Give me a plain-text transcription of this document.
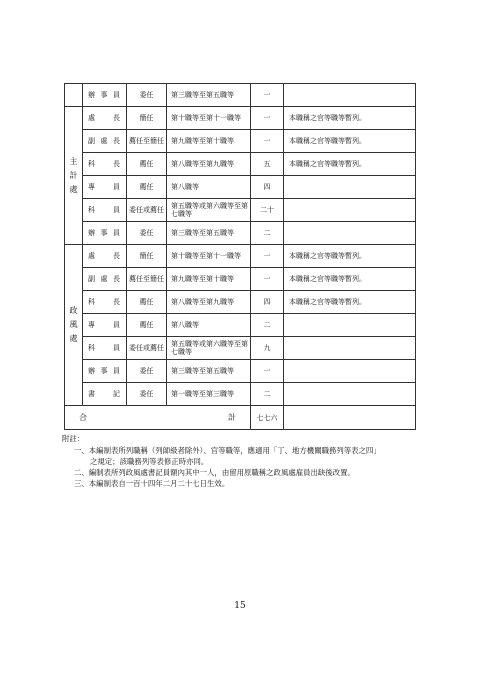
	辦事員	委任	第三職等至第五職等	一	

主
計
處	處長	簡任	第十職等至第十一職等	一	本職稱之官等職等暫列。
	副處長	薦任至簡任	第九職等至第十職等	一	本職稱之官等職等暫列。
	科長	薦任	第八職等至第九職等	五	本職稱之官等職等暫列。
	專員	薦任	第八職等	四	
	科員	委任或薦任	第五職等或第六職等至第七職等	二十	
	辦事員	委任	第三職等至第五職等	二	

政
風
處	處長	簡任	第十職等至第十一職等	一	本職稱之官等職等暫列。
	副處長	薦任至簡任	第九職等至第十職等	一	本職稱之官等職等暫列。
	科長	薦任	第八職等至第九職等	四	本職稱之官等職等暫列。
	專員	薦任	第八職等	二	
	科員	委任或薦任	第五職等或第六職等至第七職等	九	
	辦事員	委任	第三職等至第五職等	一	
	書記	委任	第一職等至第三職等	二	
合計				七七六	
附註：
一、本編制表所列職稱（列師級者除外）、官等職等，應適用「丁、地方機關職務列等表之四」
之規定；該職務列等表修正時亦同。
二、編制表所列政風處書記員額內其中一人，由留用原職稱之政風處雇員出缺後改置。
三、本編制表自一百十四年二月二十七日生效。
15
